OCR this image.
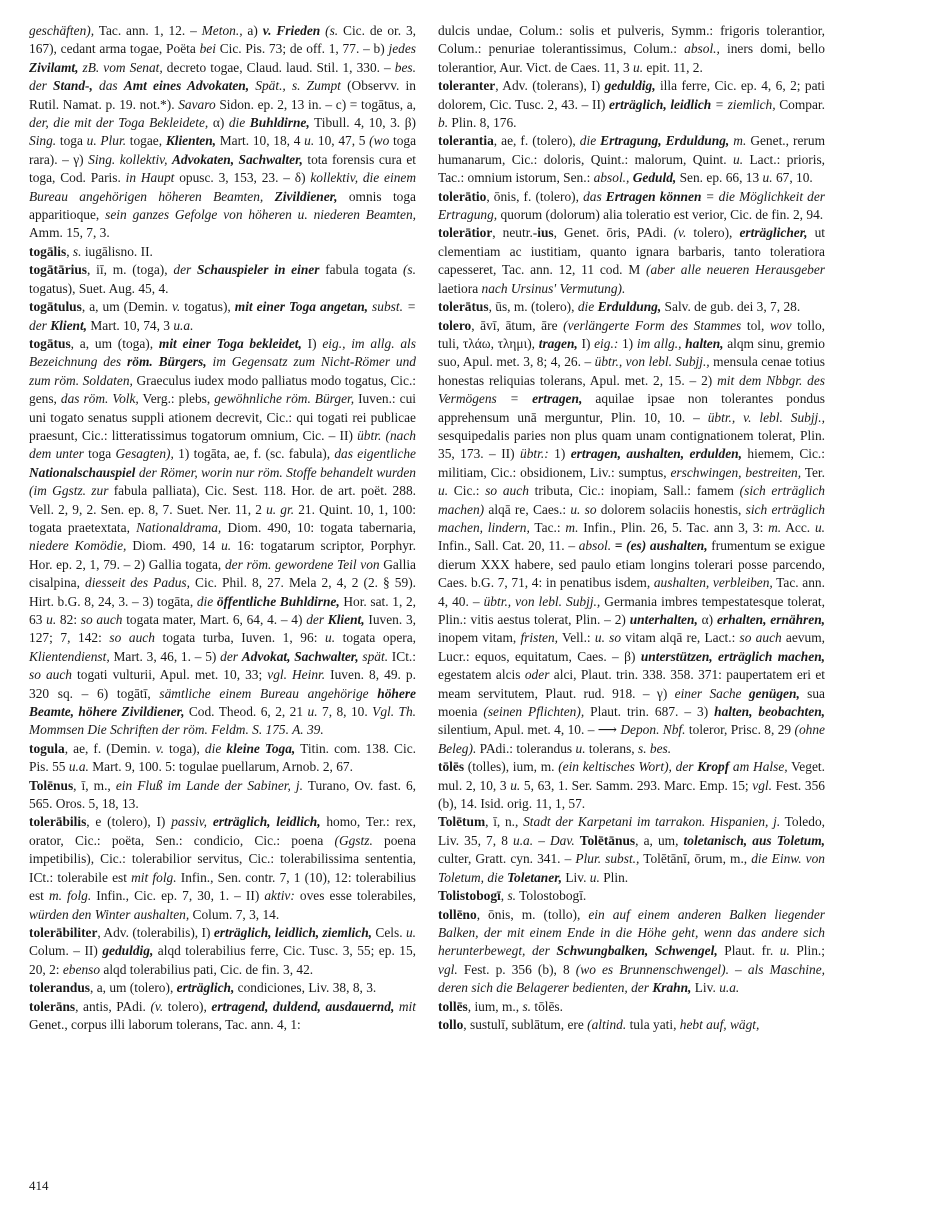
geschäften), Tac. ann. 1, 12. – Meton., a) v. Frieden (s. Cic. de or. 3, 167), cedant arma togae, Poëta bei Cic. Pis. 73; de off. 1, 77. – b) jedes Zivilamt, zB. vom Senat, decreto togae, Claud. laud. Stil. 1, 330. – bes. der Stand-, das Amt eines Advokaten, Spät., s. Zumpt (Observv. in Rutil. Namat. p. 19. not.*). Savaro Sidon. ep. 2, 13 in. – c) = togātus, a, der, die mit der Toga Bekleidete, α) die Buhldirne, Tibull. 4, 10, 3. β) Sing. toga u. Plur. togae, Klienten, Mart. 10, 18, 4 u. 10, 47, 5 (wo toga rara). – γ) Sing. kollektiv, Advokaten, Sachwalter, tota forensis cura et toga, Cod. Paris. in Haupt opusc. 3, 153, 23. – δ) kollektiv, die einem Bureau angehörigen höheren Beamten, Zivildiener, omnis toga apparitioque, sein ganzes Gefolge von höheren u. niederen Beamten, Amm. 15, 7, 3.

togālis, s. iugālisno. II.

togātārius, iī, m. (toga), der Schauspieler in einer fabula togata (s. togatus), Suet. Aug. 45, 4.

togātulus, a, um (Demin. v. togatus), mit einer Toga angetan, subst. = der Klient, Mart. 10, 74, 3 u.a.

togātus, a, um (toga), mit einer Toga bekleidet, I) eig., im allg. als Bezeichnung des röm. Bürgers, im Gegensatz zum Nicht-Römer und zum röm. Soldaten, Graeculus iudex modo palliatus modo togatus, Cic.: gens, das röm. Volk, Verg.: plebs, gewöhnliche röm. Bürger, Iuven.: cui uni togato senatus suppli ationem decrevit, Cic.: qui togati rei publicae praesunt, Cic.: litteratissimus togatorum omnium, Cic. – II) übtr. (nach dem unter toga Gesagten), 1) togāta, ae, f. (sc. fabula), das eigentliche Nationalschauspiel der Römer, worin nur röm. Stoffe behandelt wurden (im Ggstz. zur fabula palliata), Cic. Sest. 118. Hor. de art. poët. 288. Vell. 2, 9, 2. Sen. ep. 8, 7. Suet. Ner. 11, 2 u. gr. 21. Quint. 10, 1, 100: togata praetextata, Nationaldrama, Diom. 490, 10: togata tabernaria, niedere Komödie, Diom. 490, 14 u. 16: togatarum scriptor, Porphyr. Hor. ep. 2, 1, 79. – 2) Gallia togata, der röm. gewordene Teil von Gallia cisalpina, diesseit des Padus, Cic. Phil. 8, 27. Mela 2, 4, 2 (2. § 59). Hirt. b.G. 8, 24, 3. – 3) togāta, die öffentliche Buhldirne, Hor. sat. 1, 2, 63 u. 82: so auch togata mater, Mart. 6, 64, 4. – 4) der Klient, Iuven. 3, 127; 7, 142: so auch togata turba, Iuven. 1, 96: u. togata opera, Klientendienst, Mart. 3, 46, 1. – 5) der Advokat, Sachwalter, spät. ICt.: so auch togati vulturii, Apul. met. 10, 33; vgl. Heinr. Iuven. 8, 49. p. 320 sq. – 6) togātī, sämtliche einem Bureau angehörige höhere Beamte, höhere Zivildiener, Cod. Theod. 6, 2, 21 u. 7, 8, 10. Vgl. Th. Mommsen Die Schriften der röm. Feldm. S. 175. A. 39.

togula, ae, f. (Demin. v. toga), die kleine Toga, Titin. com. 138. Cic. Pis. 55 u.a. Mart. 9, 100. 5: togulae puellarum, Arnob. 2, 67.

Tolēnus, ī, m., ein Fluß im Lande der Sabiner, j. Turano, Ov. fast. 6, 565. Oros. 5, 18, 13.

tolerābilis, e (tolero), I) passiv, erträglich, leidlich, homo, Ter.: rex, orator, Cic.: poëta, Sen.: condicio, Cic.: poena (Ggstz. poena impetibilis), Cic.: tolerabilior servitus, Cic.: tolerabilissima sententia, ICt.: tolerabile est mit folg. Infin., Sen. contr. 7, 1 (10), 12: tolerabilius est m. folg. Infin., Cic. ep. 7, 30, 1. – II) aktiv: oves esse tolerabiles, würden den Winter aushalten, Colum. 7, 3, 14.

tolerābiliter, Adv. (tolerabilis), I) erträglich, leidlich, ziemlich, Cels. u. Colum. – II) geduldig, alqd tolerabilius ferre, Cic. Tusc. 3, 55; ep. 15, 20, 2: ebenso alqd tolerabilius pati, Cic. de fin. 3, 42.

tolerandus, a, um (tolero), erträglich, condiciones, Liv. 38, 8, 3.

tolerāns, antis, PAdi. (v. tolero), ertragend, duldend, ausdauernd, mit Genet., corpus illi laborum tolerans, Tac. ann. 4, 1:

dulcis undae, Colum.: solis et pulveris, Symm.: frigoris tolerantior, Colum.: penuriae tolerantissimus, Colum.: absol., iners domi, bello tolerantior, Aur. Vict. de Caes. 11, 3 u. epit. 11, 2.

toleranter, Adv. (tolerans), I) geduldig, illa ferre, Cic. ep. 4, 6, 2; pati dolorem, Cic. Tusc. 2, 43. – II) erträglich, leidlich = ziemlich, Compar. b. Plin. 8, 176.

tolerantia, ae, f. (tolero), die Ertragung, Erduldung, m. Genet., rerum humanarum, Cic.: doloris, Quint.: malorum, Quint. u. Lact.: prioris, Tac.: omnium istorum, Sen.: absol., Geduld, Sen. ep. 66, 13 u. 67, 10.

tolerātio, ōnis, f. (tolero), das Ertragen können = die Möglichkeit der Ertragung, quorum (dolorum) alia toleratio est verior, Cic. de fin. 2, 94.

tolerātior, neutr.-ius, Genet. ōris, PAdi. (v. tolero), erträglicher, ut clementiam ac iustitiam, quanto ignara barbaris, tanto toleratiora capesseret, Tac. ann. 12, 11 cod. M (aber alle neueren Herausgeber laetiora nach Ursinus' Vermutung).

tolerātus, ūs, m. (tolero), die Erduldung, Salv. de gub. dei 3, 7, 28.

tolero, āvī, ātum, āre (verlängerte Form des Stammes tol, wov tollo, tuli, τλάω, τλημι), tragen, I) eig.: 1) im allg., halten, alqm sinu, gremio suo, Apul. met. 3, 8; 4, 26. – übtr., von lebl. Subjj., mensula cenae totius honestas reliquias tolerans, Apul. met. 2, 15. – 2) mit dem Nbbgr. des Vermögens = ertragen, aquilae ipsae non tolerantes pondus apprehensum unā merguntur, Plin. 10, 10. – übtr., v. lebl. Subjj., sesquipedalis paries non plus quam unam contignationem tolerat, Plin. 35, 173. – II) übtr.: 1) ertragen, aushalten, erdulden, hiemem, Cic.: militiam, Cic.: obsidionem, Liv.: sumptus, erschwingen, bestreiten, Ter. u. Cic.: so auch tributa, Cic.: inopiam, Sall.: famem (sich erträglich machen) alqā re, Caes.: u. so dolorem solaciis honestis, sich erträglich machen, lindern, Tac.: m. Infin., Plin. 26, 5. Tac. ann 3, 3: m. Acc. u. Infin., Sall. Cat. 20, 11. – absol. = (es) aushalten, frumentum se exigue dierum XXX habere, sed paulo etiam longins tolerari posse parcendo, Caes. b.G. 7, 71, 4: in penatibus isdem, aushalten, verbleiben, Tac. ann. 4, 40. – übtr., von lebl. Subjj., Germania imbres tempestatesque tolerat, Plin.: vitis aestus tolerat, Plin. – 2) unterhalten, α) erhalten, ernähren, inopem vitam, fristen, Vell.: u. so vitam alqā re, Lact.: so auch aevum, Lucr.: equos, equitatum, Caes. – β) unterstützen, erträglich machen, egestatem alcis oder alci, Plaut. trin. 338. 358. 371: paupertatem eri et meam servitutem, Plaut. rud. 918. – γ) einer Sache genügen, sua moenia (seinen Pflichten), Plaut. trin. 687. – 3) halten, beobachten, silentium, Apul. met. 4, 10. – ⟶ Depon. Nbf. toleror, Prisc. 8, 29 (ohne Beleg). PAdi.: tolerandus u. tolerans, s. bes.

tōlēs (tolles), ium, m. (ein keltisches Wort), der Kropf am Halse, Veget. mul. 2, 10, 3 u. 5, 63, 1. Ser. Samm. 293. Marc. Emp. 15; vgl. Fest. 356 (b), 14. Isid. orig. 11, 1, 57.

Tolētum, ī, n., Stadt der Karpetani im tarrakon. Hispanien, j. Toledo, Liv. 35, 7, 8 u.a. – Dav. Tolētānus, a, um, toletanisch, aus Toletum, culter, Gratt. cyn. 341. – Plur. subst., Tolētānī, ōrum, m., die Einw. von Toletum, die Toletaner, Liv. u. Plin.

Tolistobogī, s. Tolostobogī.

tollēno, ōnis, m. (tollo), ein auf einem anderen Balken liegender Balken, der mit einem Ende in die Höhe geht, wenn das andere sich herunterbewegt, der Schwungbalken, Schwengel, Plaut. fr. u. Plin.; vgl. Fest. p. 356 (b), 8 (wo es Brunnenschwengel). – als Maschine, deren sich die Belagerer bedienten, der Krahn, Liv. u.a.

tollēs, ium, m., s. tōlēs.

tollo, sustulī, sublātum, ere (altind. tula yati, hebt auf, wägt,

414
